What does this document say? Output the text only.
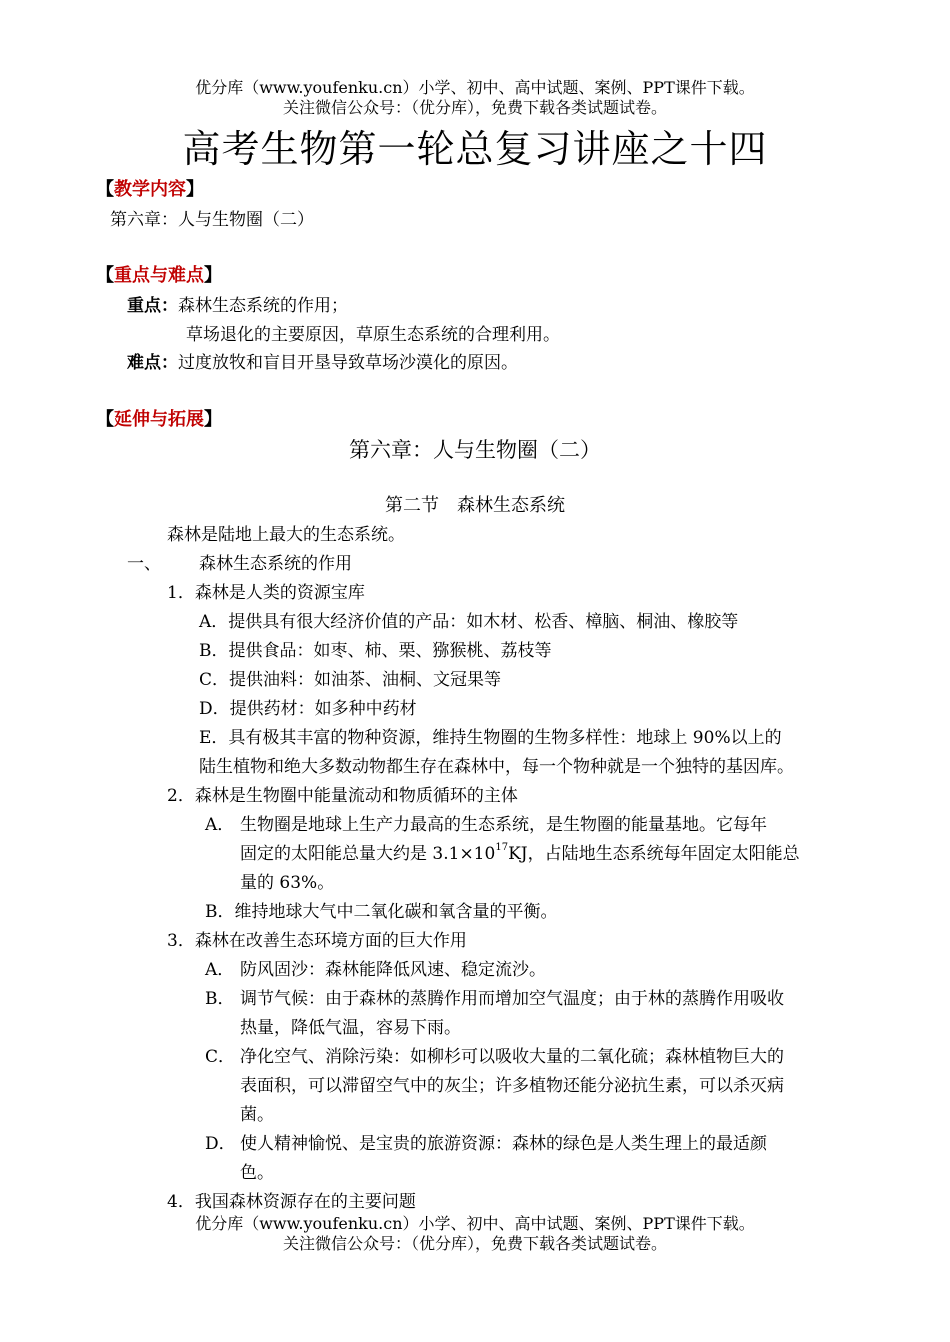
优分库（www.youfenku.cn）小学、初中、高中试题、案例、PPT课件下载。
关注微信公众号：（优分库），免费下载各类试题试卷。
高考生物第一轮总复习讲座之十四
【教学内容】
第六章：人与生物圈（二）
【重点与难点】
重点：森林生态系统的作用；
草场退化的主要原因，草原生态系统的合理利用。
难点：过度放牧和盲目开垦导致草场沙漠化的原因。
【延伸与拓展】
第六章：人与生物圈（二）
第二节　森林生态系统
森林是陆地上最大的生态系统。
一、 森林生态系统的作用
1．森林是人类的资源宝库
A．提供具有很大经济价值的产品：如木材、松香、樟脑、桐油、橡胶等
B．提供食品：如枣、柿、栗、猕猴桃、荔枝等
C．提供油料：如油茶、油桐、文冠果等
D．提供药材：如多种中药材
E．具有极其丰富的物种资源，维持生物圈的生物多样性：地球上 90%以上的
陆生植物和绝大多数动物都生存在森林中，每一个物种就是一个独特的基因库。
2．森林是生物圈中能量流动和物质循环的主体
A． 生物圈是地球上生产力最高的生态系统，是生物圈的能量基地。它每年
固定的太阳能总量大约是 $3.1\times 10^{17}KJ$，占陆地生态系统每年固定太阳能总
量的 63%。
B．维持地球大气中二氧化碳和氧含量的平衡。
3．森林在改善生态环境方面的巨大作用
A． 防风固沙：森林能降低风速、稳定流沙。
B． 调节气候：由于森林的蒸腾作用而增加空气温度；由于林的蒸腾作用吸收
热量，降低气温，容易下雨。
C． 净化空气、消除污染：如柳杉可以吸收大量的二氧化硫；森林植物巨大的
表面积，可以滞留空气中的灰尘；许多植物还能分泌抗生素，可以杀灭病
菌。
D． 使人精神愉悦、是宝贵的旅游资源：森林的绿色是人类生理上的最适颜
色。
4．我国森林资源存在的主要问题
优分库（www.youfenku.cn）小学、初中、高中试题、案例、PPT课件下载。
关注微信公众号：（优分库），免费下载各类试题试卷。
